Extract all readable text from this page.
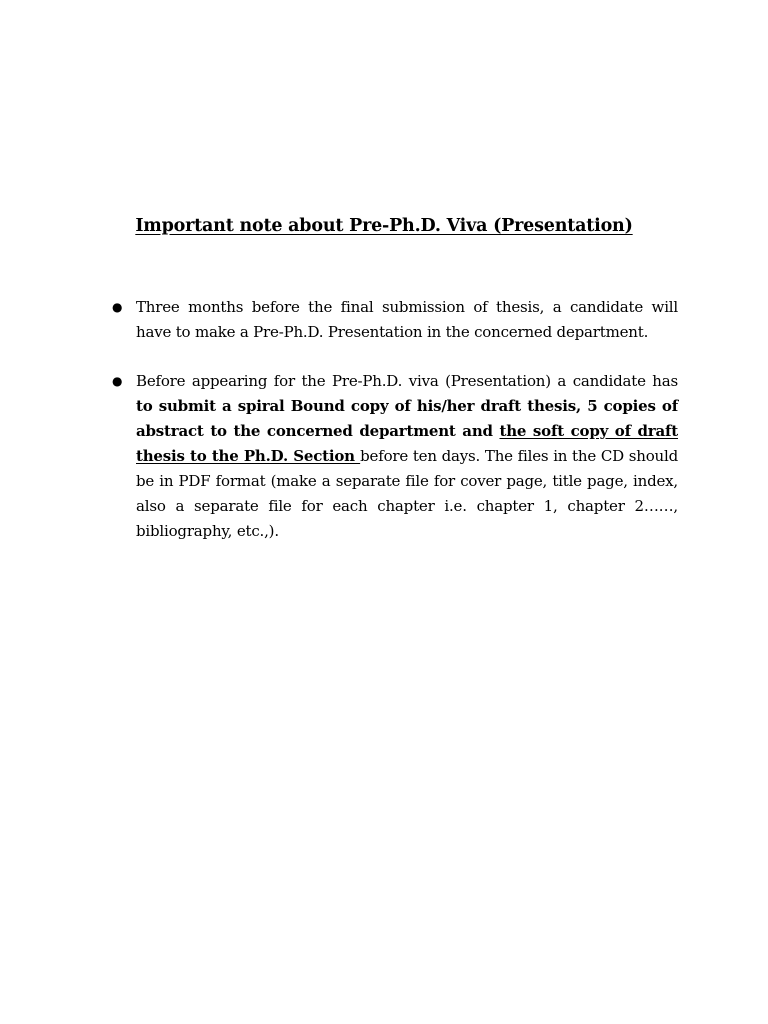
Important note about Pre-Ph.D. Viva (Presentation)
● Three months before the final submission of thesis, a candidate will have to make a Pre-Ph.D. Presentation in the concerned department.
● Before appearing for the Pre-Ph.D. viva (Presentation) a candidate has to submit a spiral Bound copy of his/her draft thesis, 5 copies of abstract to the concerned department and the soft copy of draft thesis to the Ph.D. Section before ten days. The files in the CD should be in PDF format (make a separate file for cover page, title page, index, also a separate file for each chapter i.e. chapter 1, chapter 2……, bibliography, etc.,).
